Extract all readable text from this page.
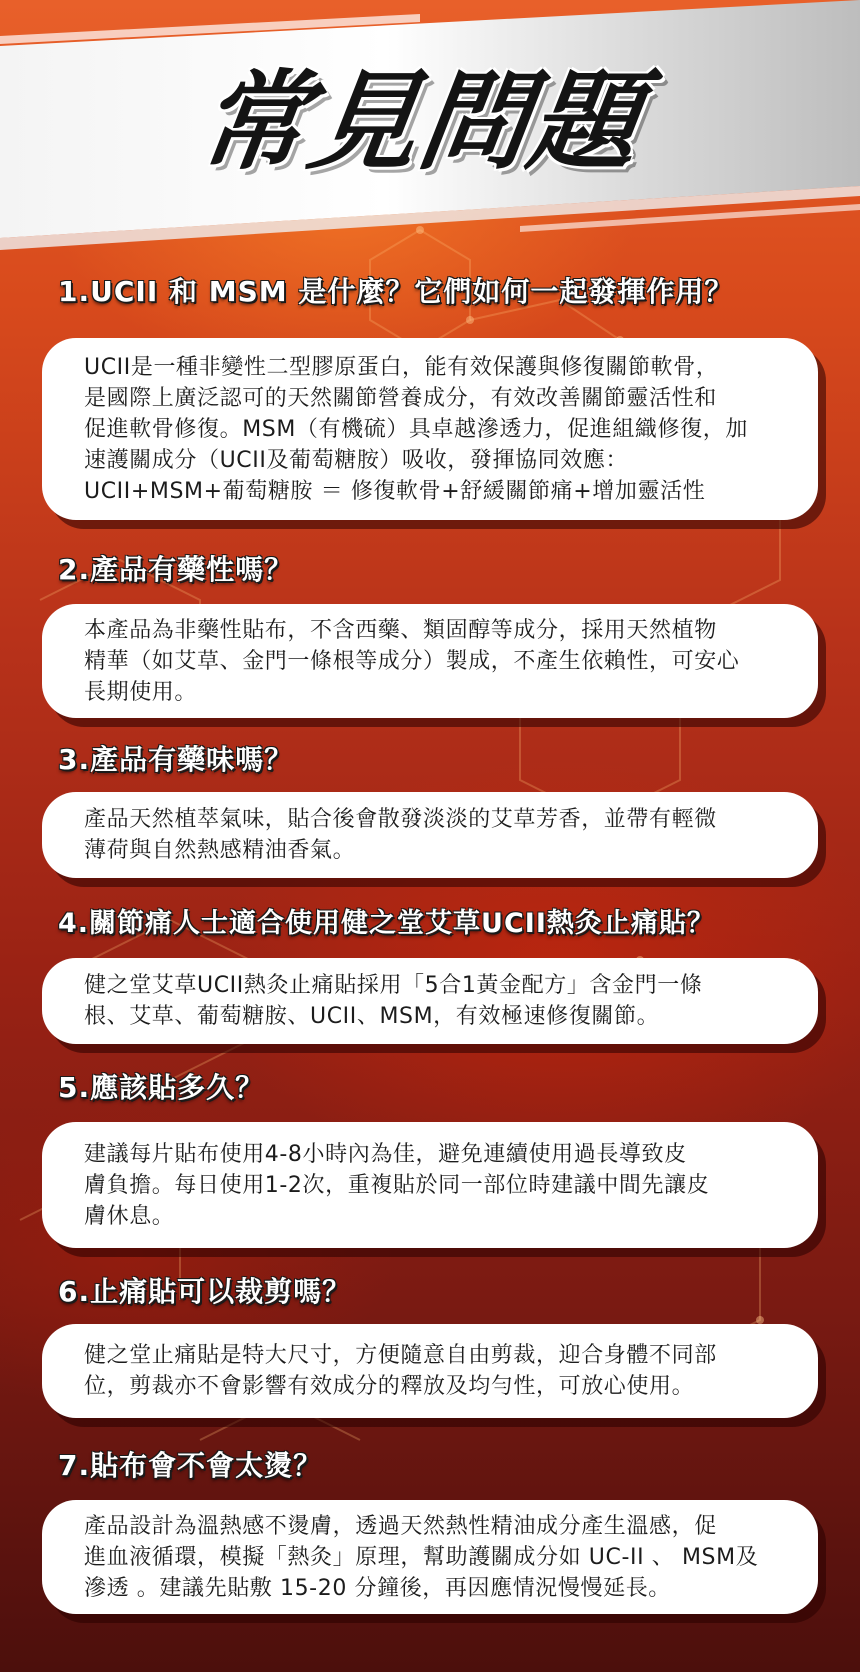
常見問題
1.UCII 和 MSM 是什麼？它們如何一起發揮作用？
UCII是一種非變性二型膠原蛋白，能有效保護與修復關節軟骨，
是國際上廣泛認可的天然關節營養成分，有效改善關節靈活性和
促進軟骨修復。MSM（有機硫）具卓越滲透力，促進組織修復，加
速護關成分（UCII及葡萄糖胺）吸收，發揮協同效應：
UCII+MSM+葡萄糖胺 ＝ 修復軟骨+舒緩關節痛+增加靈活性
2.產品有藥性嗎？
本產品為非藥性貼布，不含西藥、類固醇等成分，採用天然植物
精華（如艾草、金門一條根等成分）製成，不產生依賴性，可安心
長期使用。
3.產品有藥味嗎？
產品天然植萃氣味，貼合後會散發淡淡的艾草芳香，並帶有輕微
薄荷與自然熱感精油香氣。
4.關節痛人士適合使用健之堂艾草UCII熱灸止痛貼？
健之堂艾草UCII熱灸止痛貼採用「5合1黃金配方」含金門一條
根、艾草、葡萄糖胺、UCII、MSM，有效極速修復關節。
5.應該貼多久？
建議每片貼布使用4-8小時內為佳，避免連續使用過長導致皮
膚負擔。每日使用1-2次，重複貼於同一部位時建議中間先讓皮
膚休息。
6.止痛貼可以裁剪嗎？
健之堂止痛貼是特大尺寸，方便隨意自由剪裁，迎合身體不同部
位，剪裁亦不會影響有效成分的釋放及均勻性，可放心使用。
7.貼布會不會太燙？
產品設計為溫熱感不燙膚，透過天然熱性精油成分產生溫感，促
進血液循環，模擬「熱灸」原理，幫助護關成分如 UC-II 、 MSM及
滲透 。建議先貼敷 15-20 分鐘後，再因應情況慢慢延長。
